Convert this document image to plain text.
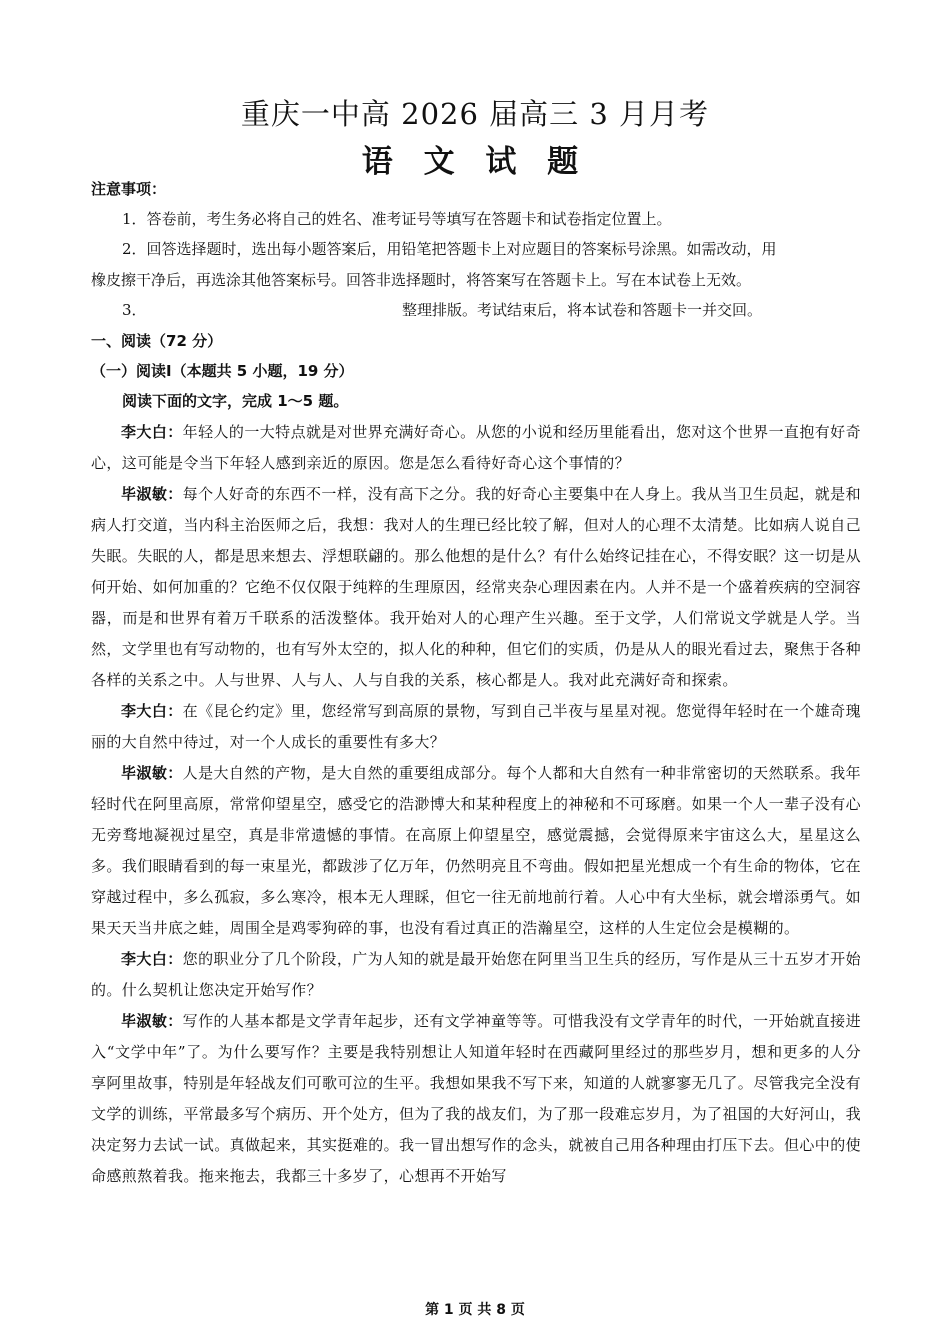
重庆一中高 2026 届高三 3 月月考
语 文 试 题
注意事项：
1．答卷前，考生务必将自己的姓名、准考证号等填写在答题卡和试卷指定位置上。
2．回答选择题时，选出每小题答案后，用铅笔把答题卡上对应题目的答案标号涂黑。如需改动，用
橡皮擦干净后，再选涂其他答案标号。回答非选择题时，将答案写在答题卡上。写在本试卷上无效。
3．	整理排版。考试结束后，将本试卷和答题卡一并交回。
一、阅读（72 分）
（一）阅读Ⅰ（本题共 5 小题，19 分）
阅读下面的文字，完成 1～5 题。

李大白：年轻人的一大特点就是对世界充满好奇心。从您的小说和经历里能看出，您对这个世界一直抱有好奇心，这可能是令当下年轻人感到亲近的原因。您是怎么看待好奇心这个事情的？

毕淑敏：每个人好奇的东西不一样，没有高下之分。我的好奇心主要集中在人身上。我从当卫生员起，就是和病人打交道，当内科主治医师之后，我想：我对人的生理已经比较了解，但对人的心理不太清楚。比如病人说自己失眠。失眠的人，都是思来想去、浮想联翩的。那么他想的是什么？有什么始终记挂在心，不得安眠？这一切是从何开始、如何加重的？它绝不仅仅限于纯粹的生理原因，经常夹杂心理因素在内。人并不是一个盛着疾病的空洞容器，而是和世界有着万千联系的活泼整体。我开始对人的心理产生兴趣。至于文学，人们常说文学就是人学。当然，文学里也有写动物的，也有写外太空的，拟人化的种种，但它们的实质，仍是从人的眼光看过去，聚焦于各种各样的关系之中。人与世界、人与人、人与自我的关系，核心都是人。我对此充满好奇和探索。

李大白：在《昆仑约定》里，您经常写到高原的景物，写到自己半夜与星星对视。您觉得年轻时在一个雄奇瑰丽的大自然中待过，对一个人成长的重要性有多大？

毕淑敏：人是大自然的产物，是大自然的重要组成部分。每个人都和大自然有一种非常密切的天然联系。我年轻时代在阿里高原，常常仰望星空，感受它的浩渺博大和某种程度上的神秘和不可琢磨。如果一个人一辈子没有心无旁骛地凝视过星空，真是非常遗憾的事情。在高原上仰望星空，感觉震撼，会觉得原来宇宙这么大，星星这么多。我们眼睛看到的每一束星光，都跋涉了亿万年，仍然明亮且不弯曲。假如把星光想成一个有生命的物体，它在穿越过程中，多么孤寂，多么寒冷，根本无人理睬，但它一往无前地前行着。人心中有大坐标，就会增添勇气。如果天天当井底之蛙，周围全是鸡零狗碎的事，也没有看过真正的浩瀚星空，这样的人生定位会是模糊的。

李大白：您的职业分了几个阶段，广为人知的就是最开始您在阿里当卫生兵的经历，写作是从三十五岁才开始的。什么契机让您决定开始写作？

毕淑敏：写作的人基本都是文学青年起步，还有文学神童等等。可惜我没有文学青年的时代，一开始就直接进入“文学中年”了。为什么要写作？主要是我特别想让人知道年轻时在西藏阿里经过的那些岁月，想和更多的人分享阿里故事，特别是年轻战友们可歌可泣的生平。我想如果我不写下来，知道的人就寥寥无几了。尽管我完全没有文学的训练，平常最多写个病历、开个处方，但为了我的战友们，为了那一段难忘岁月，为了祖国的大好河山，我决定努力去试一试。真做起来，其实挺难的。我一冒出想写作的念头，就被自己用各种理由打压下去。但心中的使命感煎熬着我。拖来拖去，我都三十多岁了，心想再不开始写

第 1 页 共 8 页
